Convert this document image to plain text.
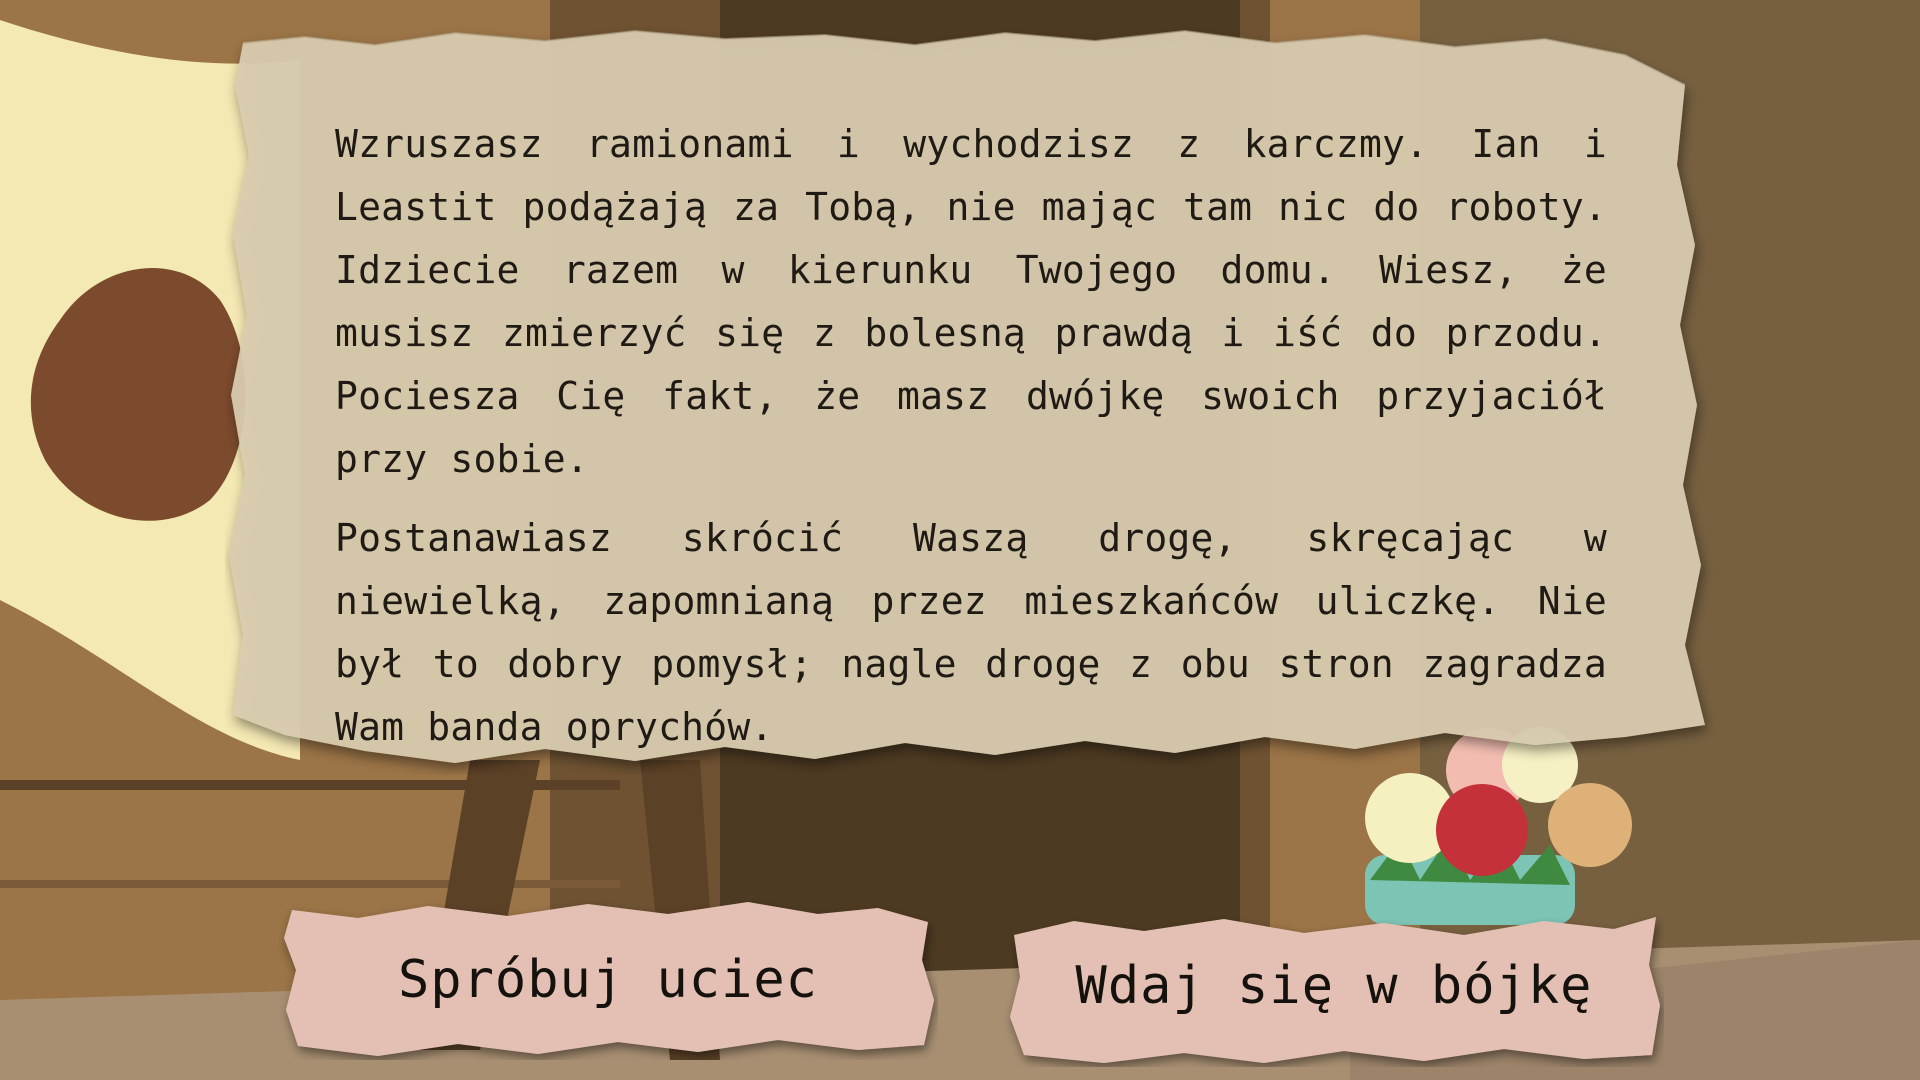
Wzruszasz ramionami i wychodzisz z karczmy. Ian i Leastit podążają za Tobą, nie mając tam nic do roboty. Idziecie razem w kierunku Twojego domu. Wiesz, że musisz zmierzyć się z bolesną prawdą i iść do przodu. Pociesza Cię fakt, że masz dwójkę swoich przyjaciół przy sobie.

Postanawiasz skrócić Waszą drogę, skręcając w niewielką, zapomnianą przez mieszkańców uliczkę. Nie był to dobry pomysł; nagle drogę z obu stron zagradza Wam banda oprychów.

Spróbuj uciec	Wdaj się w bójkę
